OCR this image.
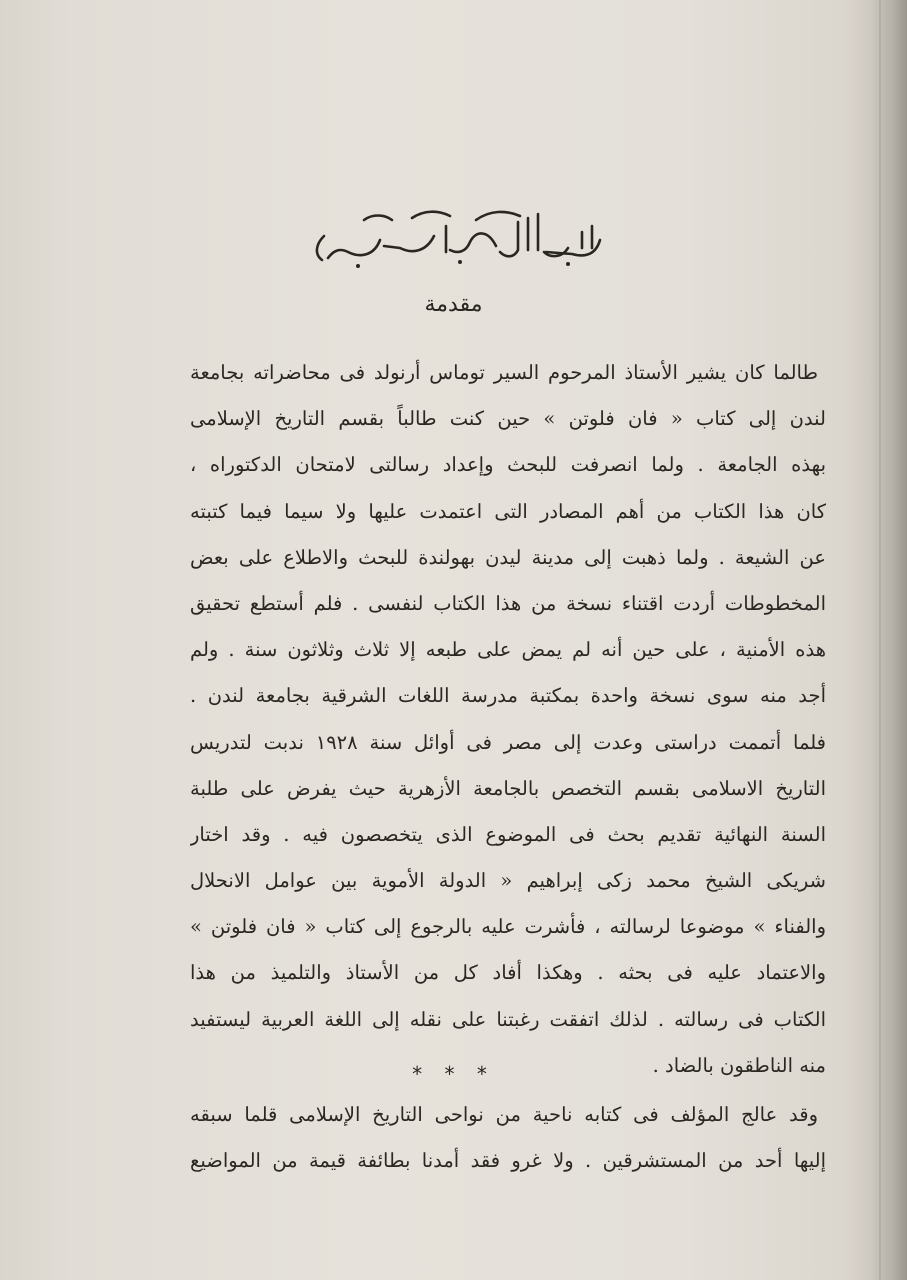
مقدمة
طالما كان يشير الأستاذ المرحوم السير توماس أرنولد فى محاضراته بجامعة
لندن إلى كتاب « فان فلوتن » حين كنت طالباً بقسم التاريخ الإسلامى
بهذه الجامعة . ولما انصرفت للبحث وإعداد رسالتى لامتحان الدكتوراه ،
كان هذا الكتاب من أهم المصادر التى اعتمدت عليها ولا سيما فيما كتبته
عن الشيعة . ولما ذهبت إلى مدينة ليدن بهولندة للبحث والاطلاع على بعض
المخطوطات أردت اقتناء نسخة من هذا الكتاب لنفسى . فلم أستطع تحقيق
هذه الأمنية ، على حين أنه لم يمض على طبعه إلا ثلاث وثلاثون سنة . ولم
أجد منه سوى نسخة واحدة بمكتبة مدرسة اللغات الشرقية بجامعة لندن .
فلما أتممت دراستى وعدت إلى مصر فى أوائل سنة ١٩٢٨ ندبت لتدريس
التاريخ الاسلامى بقسم التخصص بالجامعة الأزهرية حيث يفرض على طلبة
السنة النهائية تقديم بحث فى الموضوع الذى يتخصصون فيه . وقد اختار
شريكى الشيخ محمد زكى إبراهيم « الدولة الأموية بين عوامل الانحلال
والفناء » موضوعا لرسالته ، فأشرت عليه بالرجوع إلى كتاب « فان فلوتن »
والاعتماد عليه فى بحثه . وهكذا أفاد كل من الأستاذ والتلميذ من هذا
الكتاب فى رسالته . لذلك اتفقت رغبتنا على نقله إلى اللغة العربية ليستفيد
منه الناطقون بالضاد .
* * *
وقد عالج المؤلف فى كتابه ناحية من نواحى التاريخ الإسلامى قلما سبقه
إليها أحد من المستشرقين . ولا غرو فقد أمدنا بطائفة قيمة من المواضيع
